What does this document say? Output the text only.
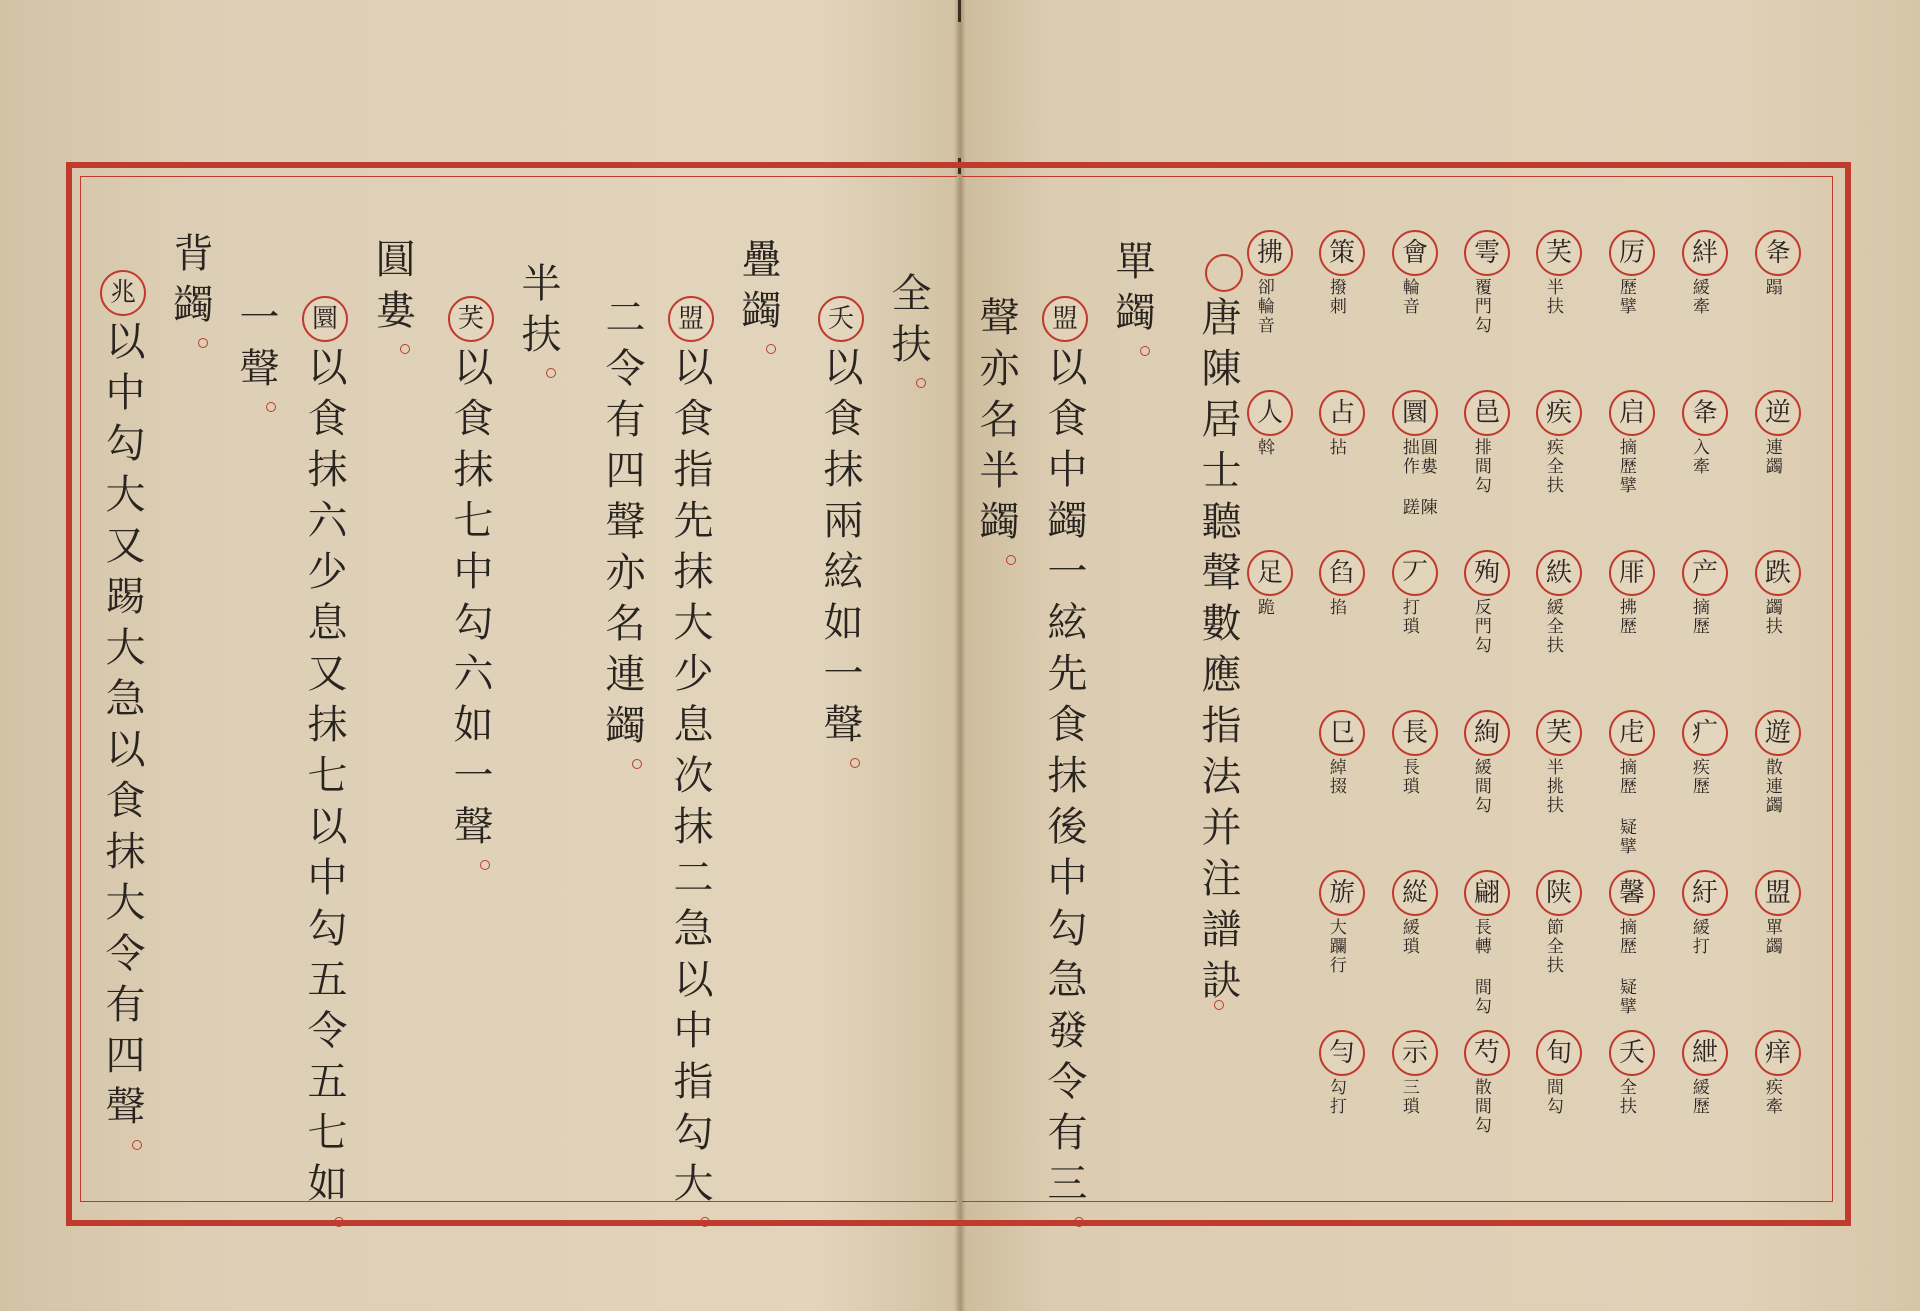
唐陳居士聽聲數應指法并注譜訣
夅
蹋
逆
連蠲
跌
蠲扶
遊
散連蠲
盟
單蠲
痒
疾牽
絆
緩牽
夅
入牽
产
摘歷
疒
疾歷
紆
緩打
紲
緩歷
厉
歷擘
启
摘歷擘
厞
拂歷
虍
摘歷 疑擘
馨
摘歷 疑擘
夭
全扶
芺
半扶
疾
疾全扶
紩
緩全扶
芺
半挑扶
陕
節全扶
旬
間勾
雩
覆門勾
邑
排間勾
殉
反門勾
絢
緩間勾
翩
長轉 間勾
芍
散間勾
會
輪音
圜
圓婁 陳 拙作 蹉
丆
打瑣
長
長瑣
緃
緩瑣
示
三瑣
策
撥刺
占
拈
臽
掐
㔾
綽掇
旂
大躝行
勻
勾打
拂
卻輪音
人
斡
足
跪
單蠲
盟
以食中蠲一絃先食抹後中勾急發令有三
聲亦名半蠲
全扶
夭
以食抹兩絃如一聲
疊蠲
盟
以食指先抹大少息次抹二急以中指勾大
二令有四聲亦名連蠲
半扶
芺
以食抹七中勾六如一聲
圓婁
圜
以食抹六少息又抹七以中勾五令五七如
一聲
背蠲
兆
以中勾大又踢大急以食抹大令有四聲
